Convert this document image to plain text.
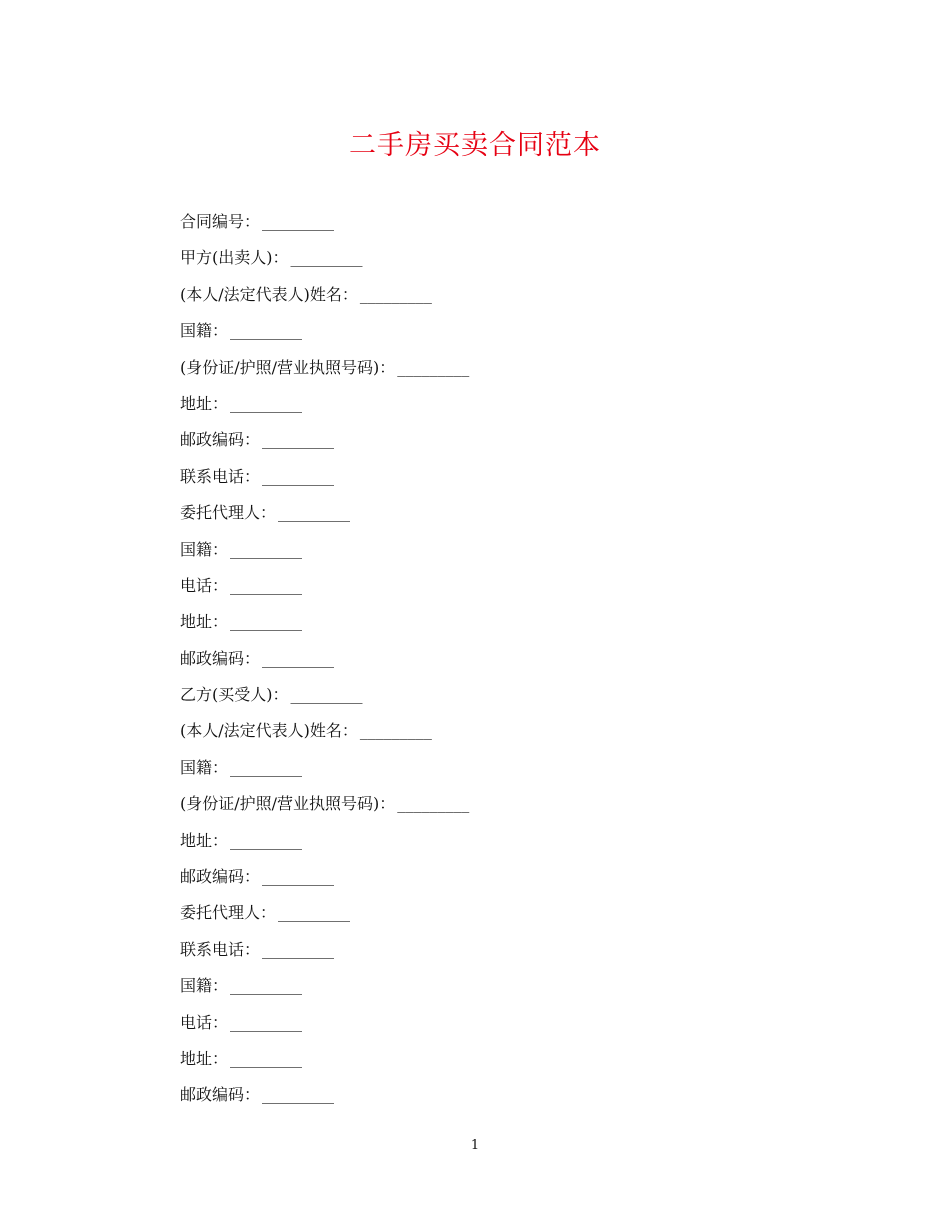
二手房买卖合同范本
合同编号： _________
甲方(出卖人)： _________
(本人/法定代表人)姓名： _________
国籍： _________
(身份证/护照/营业执照号码)： _________
地址： _________
邮政编码： _________
联系电话： _________
委托代理人： _________
国籍： _________
电话： _________
地址： _________
邮政编码： _________
乙方(买受人)： _________
(本人/法定代表人)姓名： _________
国籍： _________
(身份证/护照/营业执照号码)： _________
地址： _________
邮政编码： _________
委托代理人： _________
联系电话： _________
国籍： _________
电话： _________
地址： _________
邮政编码： _________
1
